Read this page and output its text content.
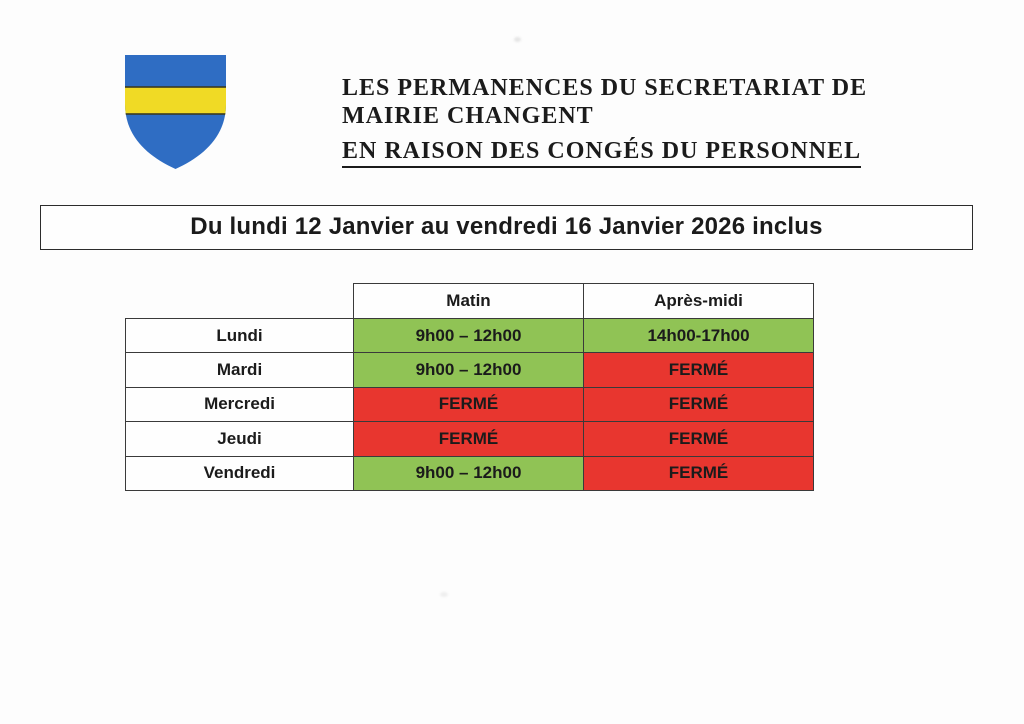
LES PERMANENCES DU SECRETARIAT DE
MAIRIE CHANGENT
EN RAISON DES CONGÉS DU PERSONNEL
Du lundi 12 Janvier au vendredi 16 Janvier 2026 inclus
	Matin	Après-midi
Lundi	9h00 – 12h00	14h00-17h00
Mardi	9h00 – 12h00	FERMÉ
Mercredi	FERMÉ	FERMÉ
Jeudi	FERMÉ	FERMÉ
Vendredi	9h00 – 12h00	FERMÉ
